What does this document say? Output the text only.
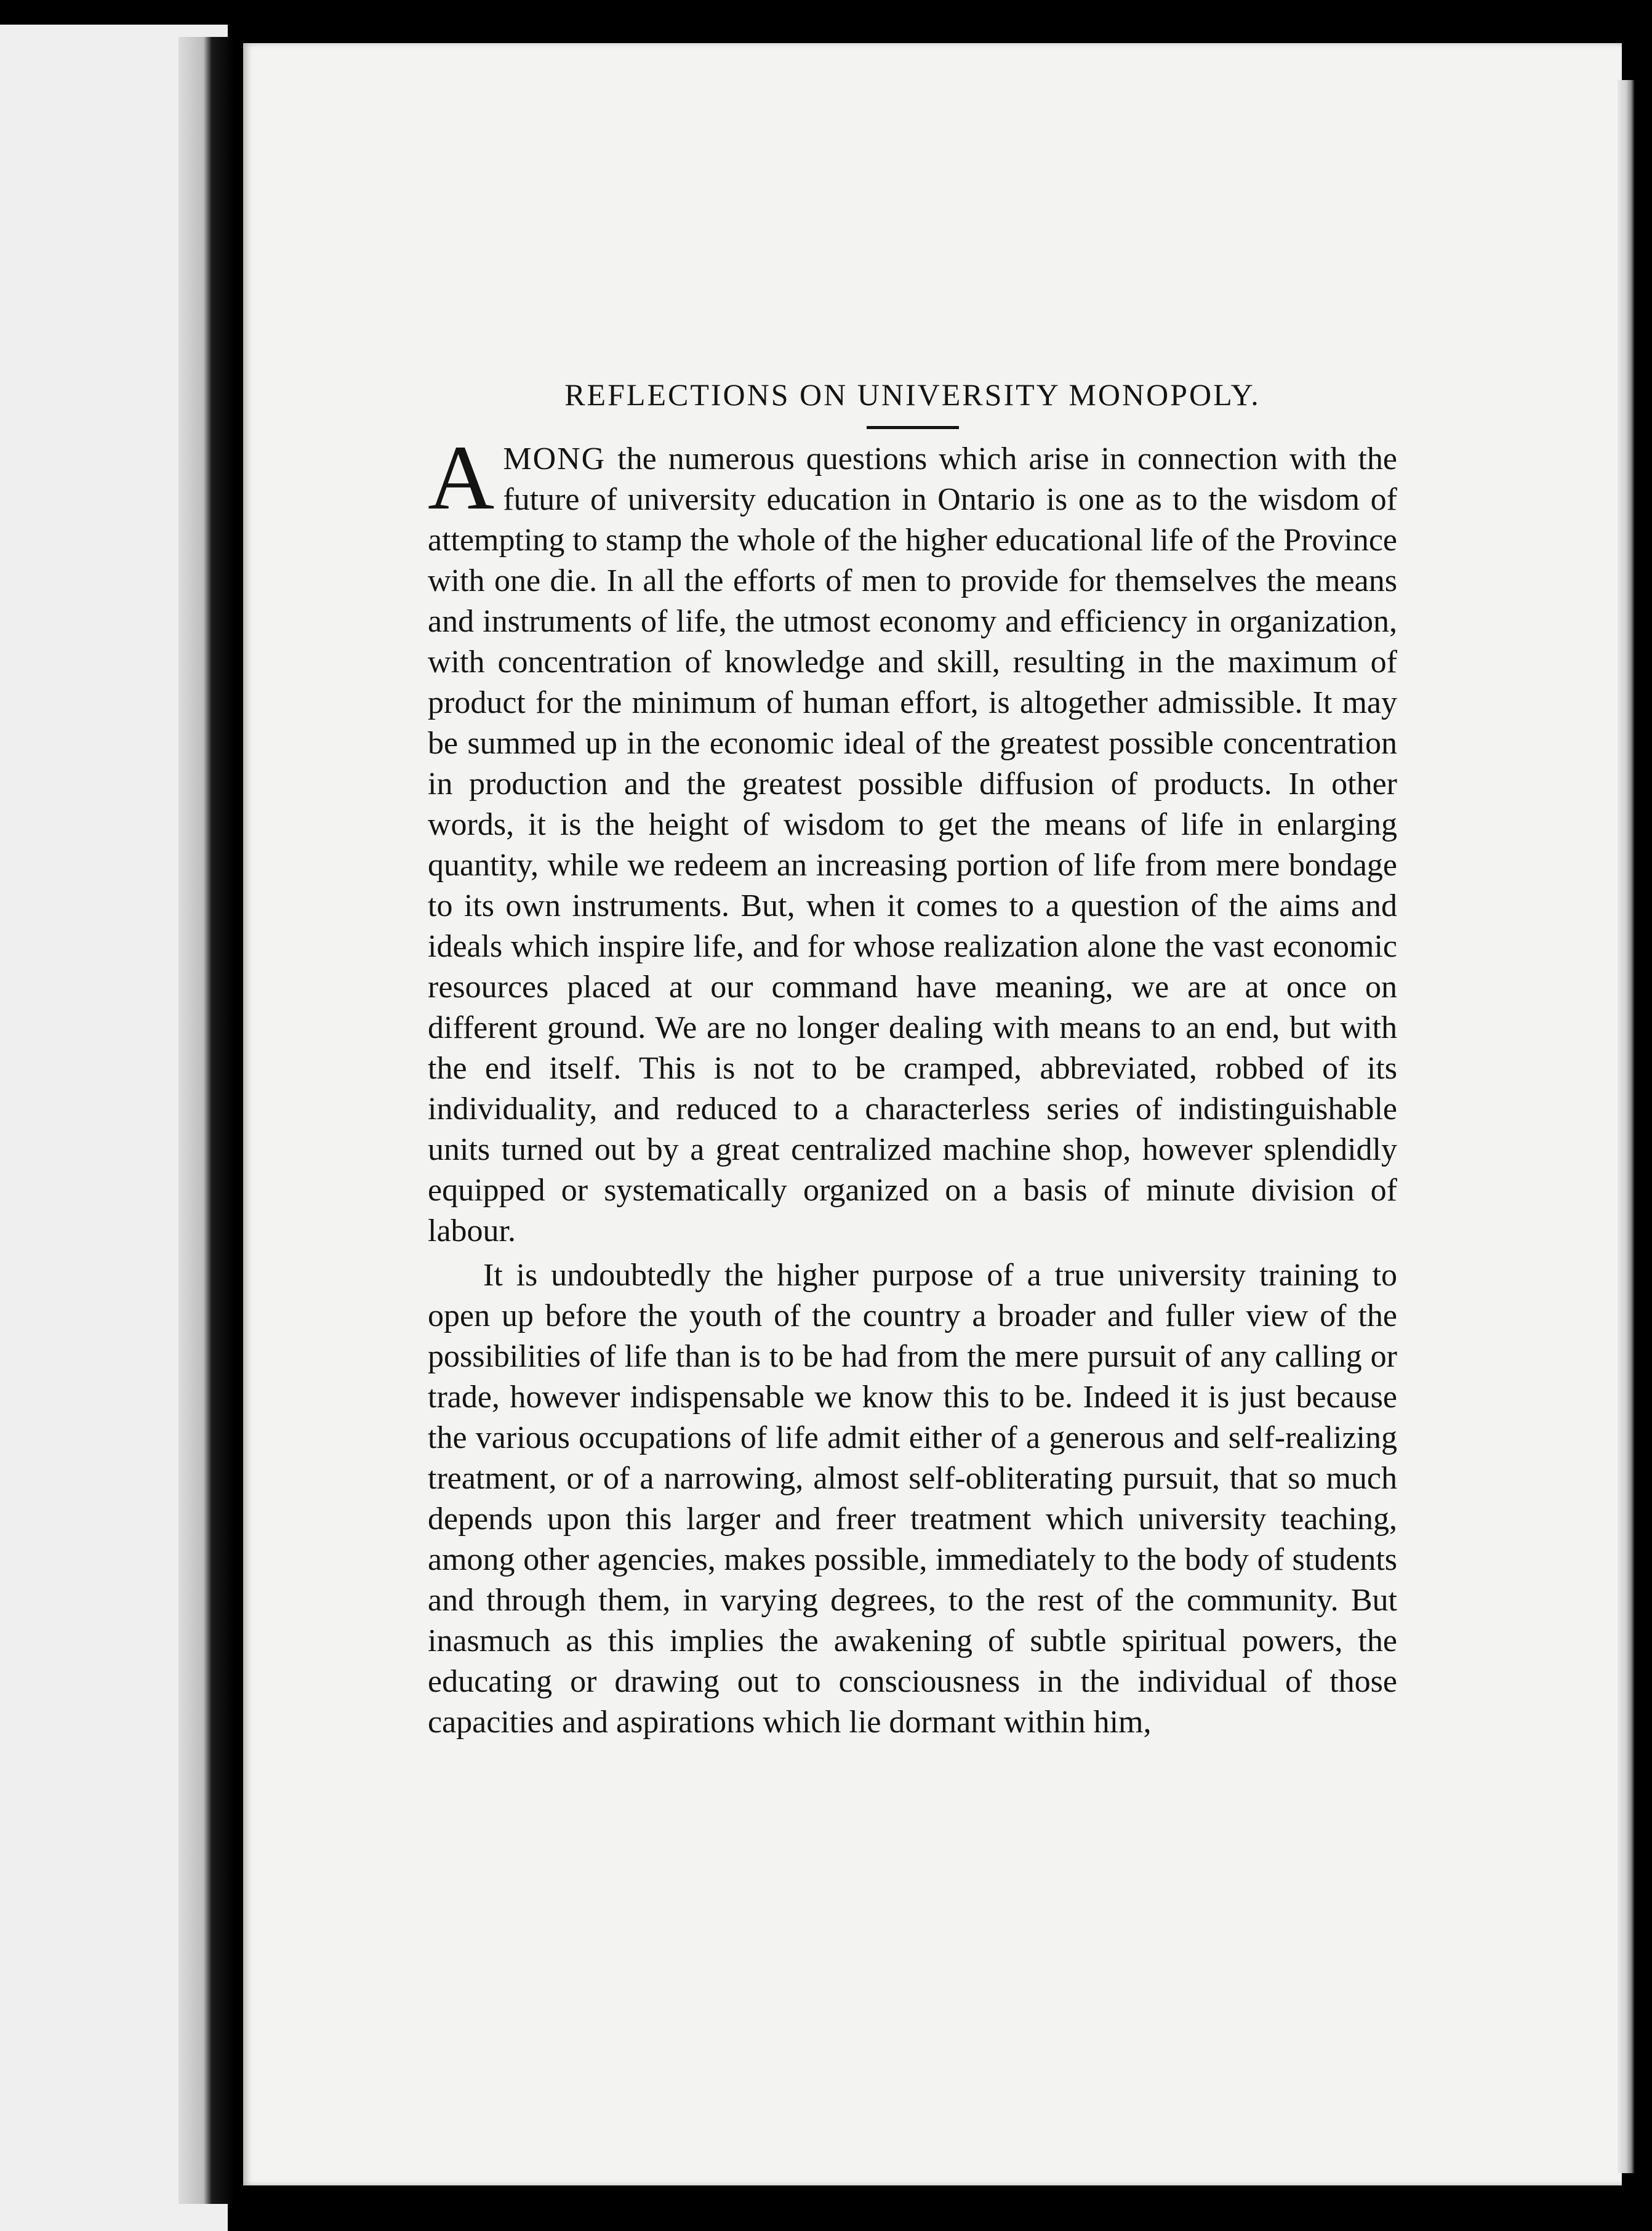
REFLECTIONS ON UNIVERSITY MONOPOLY.

AMONG the numerous questions which arise in connection with the future of university education in Ontario is one as to the wisdom of attempting to stamp the whole of the higher educational life of the Province with one die. In all the efforts of men to provide for themselves the means and instruments of life, the utmost economy and efficiency in organization, with concentration of knowledge and skill, resulting in the maximum of product for the minimum of human effort, is altogether admissible. It may be summed up in the economic ideal of the greatest possible concentration in production and the greatest possible diffusion of products. In other words, it is the height of wisdom to get the means of life in enlarging quantity, while we redeem an increasing portion of life from mere bondage to its own instruments. But, when it comes to a question of the aims and ideals which inspire life, and for whose realization alone the vast economic resources placed at our command have meaning, we are at once on different ground. We are no longer dealing with means to an end, but with the end itself. This is not to be cramped, abbreviated, robbed of its individuality, and reduced to a characterless series of indistinguishable units turned out by a great centralized machine shop, however splendidly equipped or systematically organized on a basis of minute division of labour.

It is undoubtedly the higher purpose of a true university training to open up before the youth of the country a broader and fuller view of the possibilities of life than is to be had from the mere pursuit of any calling or trade, however indispensable we know this to be. Indeed it is just because the various occupations of life admit either of a generous and self-realizing treatment, or of a narrowing, almost self-obliterating pursuit, that so much depends upon this larger and freer treatment which university teaching, among other agencies, makes possible, immediately to the body of students and through them, in varying degrees, to the rest of the community. But inasmuch as this implies the awakening of subtle spiritual powers, the educating or drawing out to consciousness in the individual of those capacities and aspirations which lie dormant within him,
